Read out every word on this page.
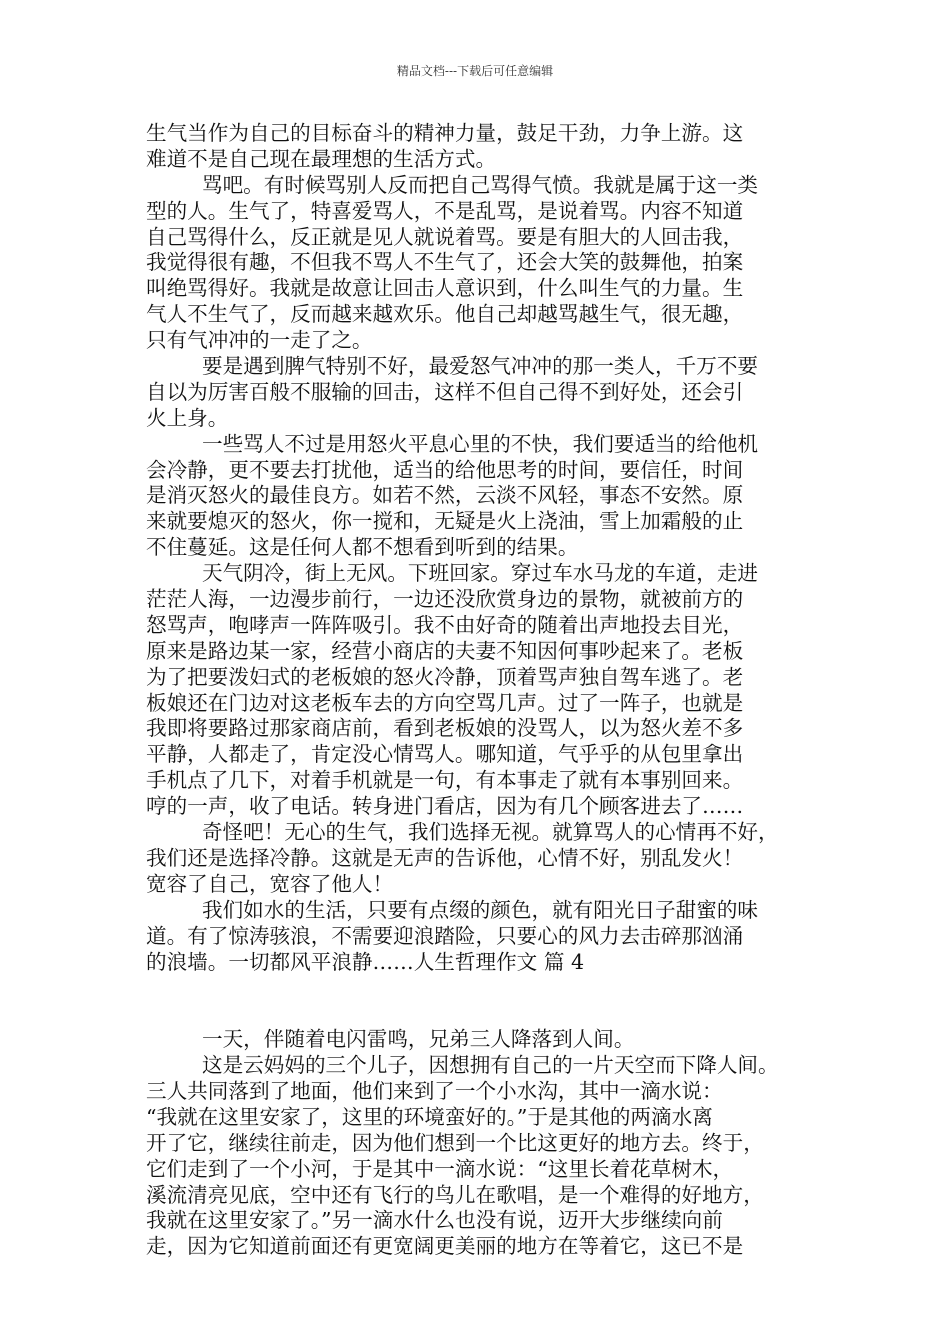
精品文档---下载后可任意编辑
生气当作为自己的目标奋斗的精神力量，鼓足干劲，力争上游。这
难道不是自己现在最理想的生活方式。
骂吧。有时候骂别人反而把自己骂得气愤。我就是属于这一类
型的人。生气了，特喜爱骂人，不是乱骂，是说着骂。内容不知道
自己骂得什么，反正就是见人就说着骂。要是有胆大的人回击我，
我觉得很有趣，不但我不骂人不生气了，还会大笑的鼓舞他，拍案
叫绝骂得好。我就是故意让回击人意识到，什么叫生气的力量。生
气人不生气了，反而越来越欢乐。他自己却越骂越生气，很无趣，
只有气冲冲的一走了之。
要是遇到脾气特别不好，最爱怒气冲冲的那一类人，千万不要
自以为厉害百般不服输的回击，这样不但自己得不到好处，还会引
火上身。
一些骂人不过是用怒火平息心里的不快，我们要适当的给他机
会冷静，更不要去打扰他，适当的给他思考的时间，要信任，时间
是消灭怒火的最佳良方。如若不然，云淡不风轻，事态不安然。原
来就要熄灭的怒火，你一搅和，无疑是火上浇油，雪上加霜般的止
不住蔓延。这是任何人都不想看到听到的结果。
天气阴冷，街上无风。下班回家。穿过车水马龙的车道，走进
茫茫人海，一边漫步前行，一边还没欣赏身边的景物，就被前方的
怒骂声，咆哮声一阵阵吸引。我不由好奇的随着出声地投去目光，
原来是路边某一家，经营小商店的夫妻不知因何事吵起来了。老板
为了把要泼妇式的老板娘的怒火冷静，顶着骂声独自驾车逃了。老
板娘还在门边对这老板车去的方向空骂几声。过了一阵子，也就是
我即将要路过那家商店前，看到老板娘的没骂人，以为怒火差不多
平静，人都走了，肯定没心情骂人。哪知道，气乎乎的从包里拿出
手机点了几下，对着手机就是一句，有本事走了就有本事别回来。
哼的一声，收了电话。转身进门看店，因为有几个顾客进去了……
奇怪吧！无心的生气，我们选择无视。就算骂人的心情再不好，
我们还是选择冷静。这就是无声的告诉他，心情不好，别乱发火！
宽容了自己，宽容了他人！
我们如水的生活，只要有点缀的颜色，就有阳光日子甜蜜的味
道。有了惊涛骇浪，不需要迎浪踏险，只要心的风力去击碎那汹涌
的浪墙。一切都风平浪静……人生哲理作文 篇 4
一天，伴随着电闪雷鸣，兄弟三人降落到人间。
这是云妈妈的三个儿子，因想拥有自己的一片天空而下降人间。
三人共同落到了地面，他们来到了一个小水沟，其中一滴水说：
“我就在这里安家了，这里的环境蛮好的。”于是其他的两滴水离
开了它，继续往前走，因为他们想到一个比这更好的地方去。终于，
它们走到了一个小河，于是其中一滴水说：“这里长着花草树木，
溪流清亮见底，空中还有飞行的鸟儿在歌唱，是一个难得的好地方，
我就在这里安家了。”另一滴水什么也没有说，迈开大步继续向前
走，因为它知道前面还有更宽阔更美丽的地方在等着它，这已不是
